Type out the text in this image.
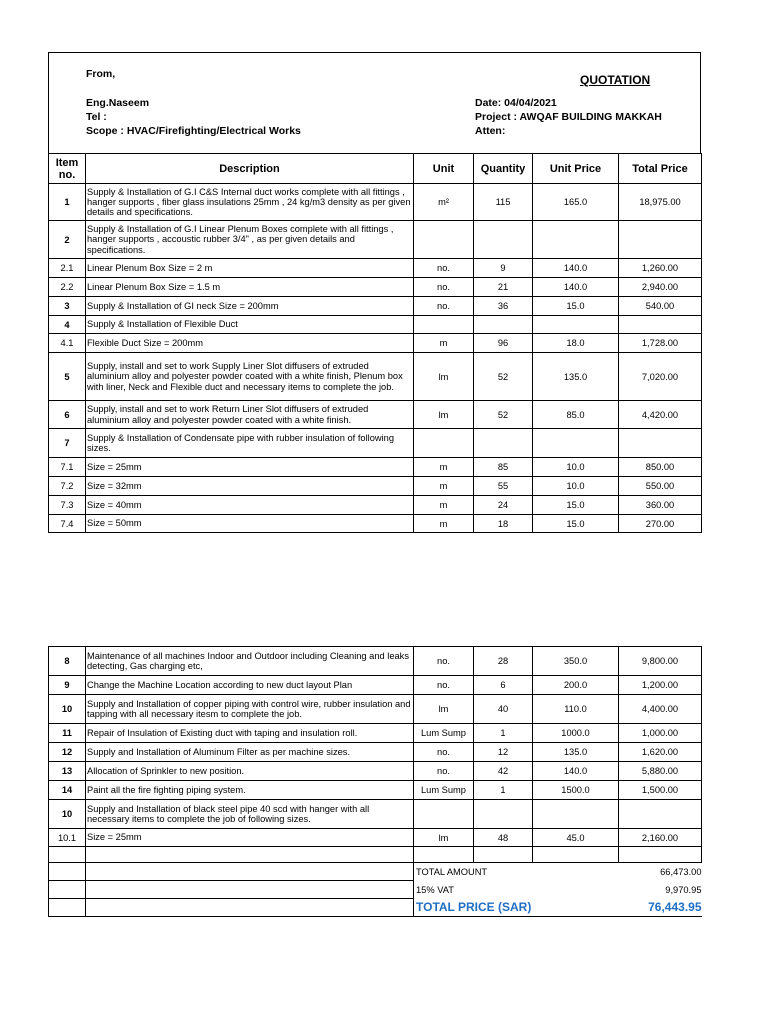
From,	QUOTATION
Eng.Naseem
Tel :
Scope : HVAC/Firefighting/Electrical Works
Date: 04/04/2021
Project : AWQAF BUILDING MAKKAH
Atten:
Item no.	Description	Unit	Quantity	Unit Price	Total Price
1	Supply & Installation of G.I C&S Internal duct works complete with all fittings , hanger supports , fiber glass insulations 25mm , 24 kg/m3 density as per given details and specifications.	m²	115	165.0	18,975.00
2	Supply & Installation of G.I Linear Plenum Boxes complete with all fittings , hanger supports , accoustic rubber 3/4" , as per given details and specifications.				
2.1	Linear Plenum Box Size = 2 m	no.	9	140.0	1,260.00
2.2	Linear Plenum Box Size = 1.5 m	no.	21	140.0	2,940.00
3	Supply & Installation of GI neck Size = 200mm	no.	36	15.0	540.00
4	Supply & Installation of Flexible Duct				
4.1	Flexible Duct Size = 200mm	m	96	18.0	1,728.00
5	Supply, install and set to work Supply Liner Slot diffusers of extruded aluminium alloy and polyester powder coated with a white finish, Plenum box with liner, Neck and Flexible duct and necessary items to complete the job.	lm	52	135.0	7,020.00
6	Supply, install and set to work Return Liner Slot diffusers of extruded aluminium alloy and polyester powder coated with a white finish.	lm	52	85.0	4,420.00
7	Supply & Installation of Condensate pipe with rubber insulation of following sizes.				
7.1	Size = 25mm	m	85	10.0	850.00
7.2	Size = 32mm	m	55	10.0	550.00
7.3	Size = 40mm	m	24	15.0	360.00
7.4	Size = 50mm	m	18	15.0	270.00
8	Maintenance of all machines Indoor and Outdoor including Cleaning and leaks detecting, Gas charging etc,	no.	28	350.0	9,800.00
9	Change the Machine Location according to new duct layout Plan	no.	6	200.0	1,200.00
10	Supply and Installation of copper piping with control wire, rubber insulation and tapping with all necessary itesm to complete the job.	lm	40	110.0	4,400.00
11	Repair of Insulation of Existing duct with taping and insulation roll.	Lum Sump	1	1000.0	1,000.00
12	Supply and Installation of Aluminum Filter as per machine sizes.	no.	12	135.0	1,620.00
13	Allocation of Sprinkler to new position.	no.	42	140.0	5,880.00
14	Paint all the fire fighting piping system.	Lum Sump	1	1500.0	1,500.00
10	Supply and Installation of black steel pipe 40 scd with hanger with all necessary items to complete the job of following sizes.				
10.1	Size = 25mm	lm	48	45.0	2,160.00

		TOTAL AMOUNT			66,473.00
		15% VAT			9,970.95
		TOTAL PRICE (SAR)			76,443.95
